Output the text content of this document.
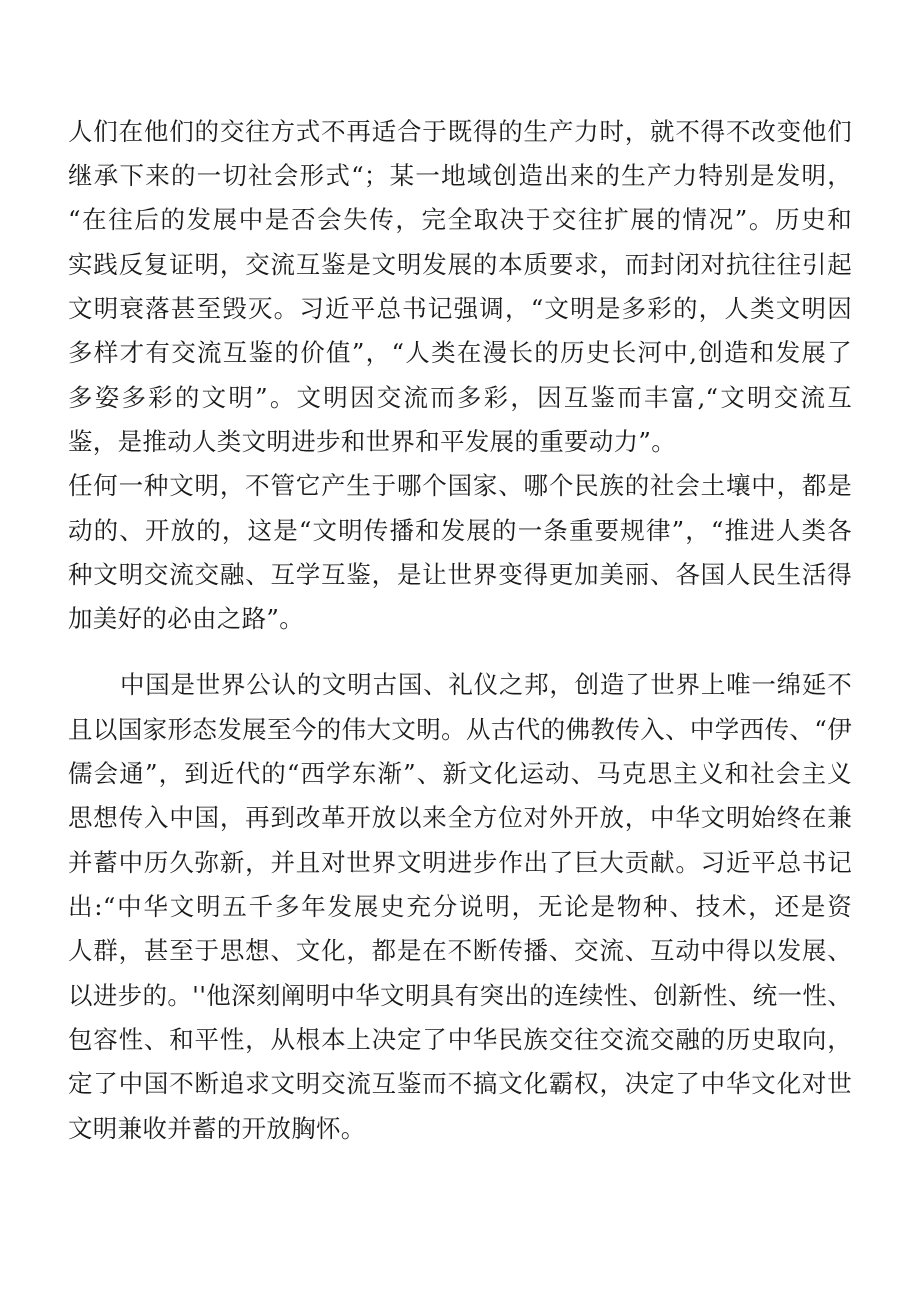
人们在他们的交往方式不再适合于既得的生产力时，就不得不改变他们
继承下来的一切社会形式“；某一地域创造出来的生产力特别是发明，
“在往后的发展中是否会失传，完全取决于交往扩展的情况”。历史和
实践反复证明，交流互鉴是文明发展的本质要求，而封闭对抗往往引起
文明衰落甚至毁灭。习近平总书记强调，“文明是多彩的，人类文明因
多样才有交流互鉴的价值”，“人类在漫长的历史长河中,创造和发展了
多姿多彩的文明”。文明因交流而多彩，因互鉴而丰富,“文明交流互
鉴，是推动人类文明进步和世界和平发展的重要动力”。
任何一种文明，不管它产生于哪个国家、哪个民族的社会土壤中，都是
动的、开放的，这是“文明传播和发展的一条重要规律”，“推进人类各
种文明交流交融、互学互鉴，是让世界变得更加美丽、各国人民生活得
加美好的必由之路”。
中国是世界公认的文明古国、礼仪之邦，创造了世界上唯一绵延不
且以国家形态发展至今的伟大文明。从古代的佛教传入、中学西传、“伊
儒会通”，到近代的“西学东渐”、新文化运动、马克思主义和社会主义
思想传入中国，再到改革开放以来全方位对外开放，中华文明始终在兼
并蓄中历久弥新，并且对世界文明进步作出了巨大贡献。习近平总书记
出:“中华文明五千多年发展史充分说明，无论是物种、技术，还是资
人群，甚至于思想、文化，都是在不断传播、交流、互动中得以发展、
以进步的。''他深刻阐明中华文明具有突出的连续性、创新性、统一性、
包容性、和平性，从根本上决定了中华民族交往交流交融的历史取向，
定了中国不断追求文明交流互鉴而不搞文化霸权，决定了中华文化对世
文明兼收并蓄的开放胸怀。
